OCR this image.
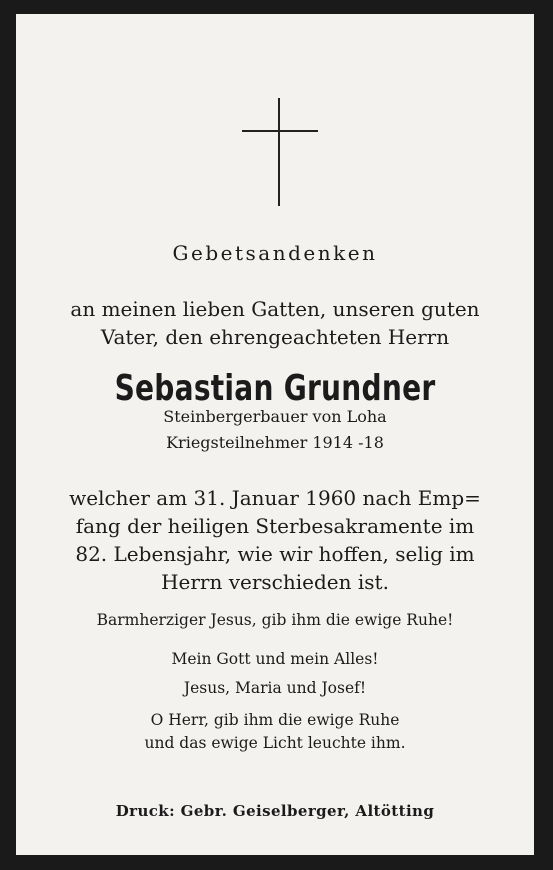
Gebetsandenken
an meinen lieben Gatten, unseren guten
Vater, den ehrengeachteten Herrn
Sebastian Grundner
Steinbergerbauer von Loha
Kriegsteilnehmer 1914 -18
welcher am 31. Januar 1960 nach Emp=
fang der heiligen Sterbesakramente im
82. Lebensjahr, wie wir hoffen, selig im
Herrn verschieden ist.
Barmherziger Jesus, gib ihm die ewige Ruhe!
Mein Gott und mein Alles!
Jesus, Maria und Josef!
O Herr, gib ihm die ewige Ruhe
und das ewige Licht leuchte ihm.
Druck: Gebr. Geiselberger, Altötting
